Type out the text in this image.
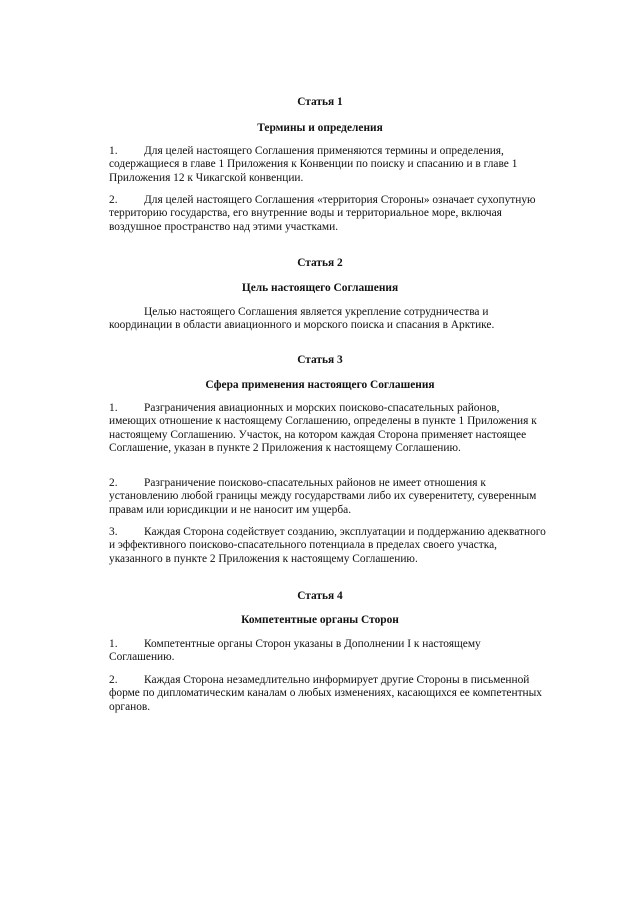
Статья 1
Термины и определения
1.	Для целей настоящего Соглашения применяются термины и определения, содержащиеся в главе 1 Приложения к Конвенции по поиску и спасанию и в главе 1 Приложения 12 к Чикагской конвенции.
2.	Для целей настоящего Соглашения «территория Стороны» означает сухопутную территорию государства, его внутренние воды и территориальное море, включая воздушное пространство над этими участками.
Статья 2
Цель настоящего Соглашения
Целью настоящего Соглашения является укрепление сотрудничества и координации в области авиационного и морского поиска и спасания в Арктике.
Статья 3
Сфера применения настоящего Соглашения
1.	Разграничения авиационных и морских поисково-спасательных районов, имеющих отношение к настоящему Соглашению, определены в пункте 1 Приложения к настоящему Соглашению. Участок, на котором каждая Сторона применяет настоящее Соглашение, указан в пункте 2 Приложения к настоящему Соглашению.
2.	Разграничение поисково-спасательных районов не имеет отношения к установлению любой границы между государствами либо их суверенитету, суверенным правам или юрисдикции и не наносит им ущерба.
3.	Каждая Сторона содействует созданию, эксплуатации и поддержанию адекватного и эффективного поисково-спасательного потенциала в пределах своего участка, указанного в пункте 2 Приложения к настоящему Соглашению.
Статья 4
Компетентные органы Сторон
1.	Компетентные органы Сторон указаны в Дополнении I к настоящему Соглашению.
2.	Каждая Сторона незамедлительно информирует другие Стороны в письменной форме по дипломатическим каналам о любых изменениях, касающихся ее компетентных органов.
